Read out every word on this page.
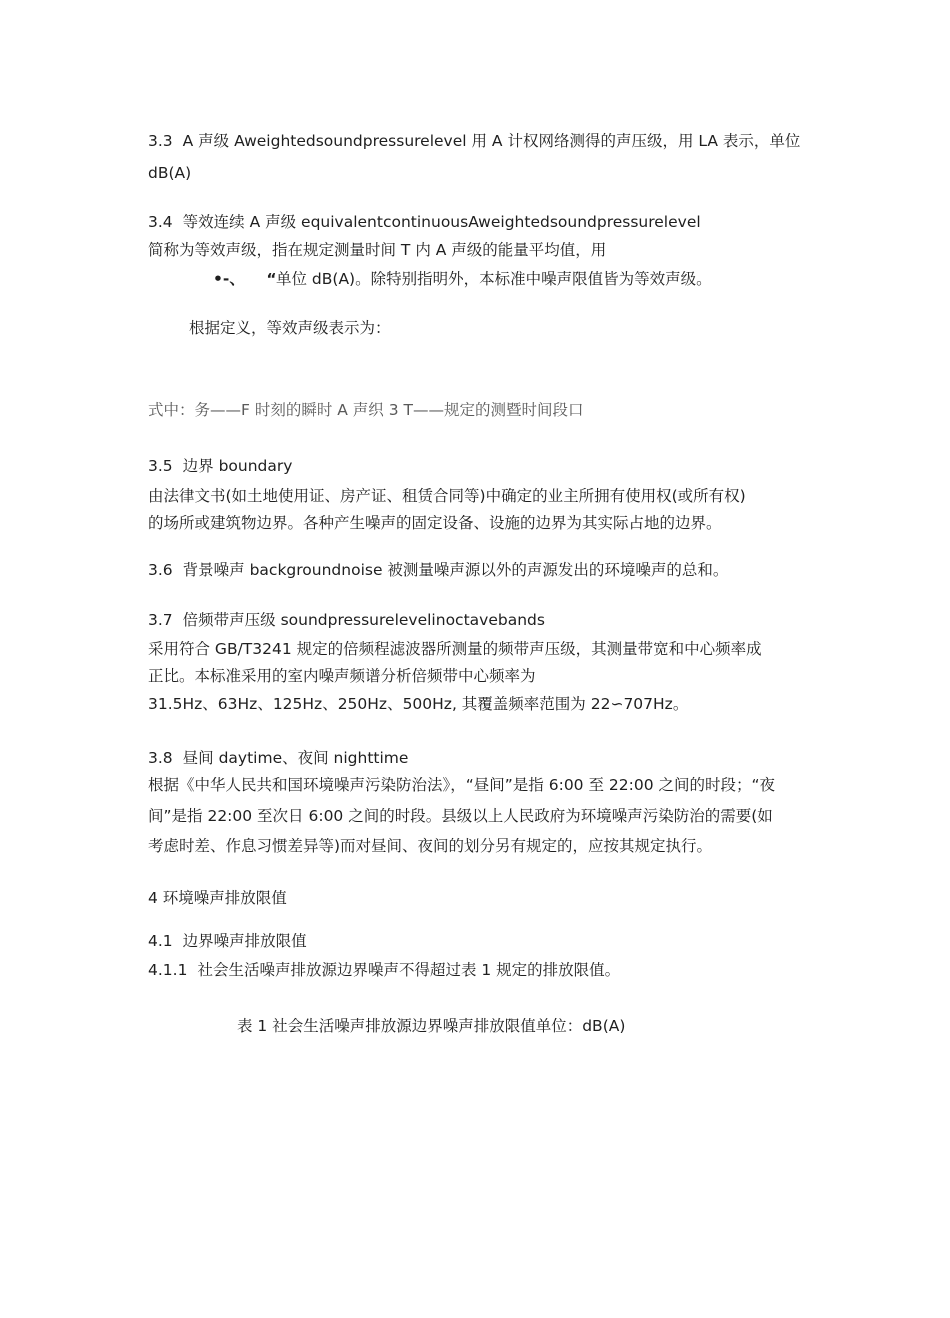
3.3 A 声级 Aweightedsoundpressurelevel 用 A 计权网络测得的声压级，用 LA 表示，单位
dB(A)
3.4 等效连续 A 声级 equivalentcontinuousAweightedsoundpressurelevel
简称为等效声级，指在规定测量时间 T 内 A 声级的能量平均值，用
•-、    “单位 dB(A)。除特别指明外，本标准中噪声限值皆为等效声级。
根据定义，等效声级表示为：
式中：务——F 时刻的瞬时 A 声织 3 T——规定的测暨时间段口
3.5 边界 boundary
由法律文书(如土地使用证、房产证、租赁合同等)中确定的业主所拥有使用权(或所有权)
的场所或建筑物边界。各种产生噪声的固定设备、设施的边界为其实际占地的边界。
3.6 背景噪声 backgroundnoise 被测量噪声源以外的声源发出的环境噪声的总和。
3.7 倍频带声压级 soundpressurelevelinoctavebands
采用符合 GB/T3241 规定的倍频程滤波器所测量的频带声压级，其测量带宽和中心频率成
正比。本标准采用的室内噪声频谱分析倍频带中心频率为
31.5Hz、63Hz、125Hz、250Hz、500Hz, 其覆盖频率范围为 22∽707Hz。
3.8 昼间 daytime、夜间 nighttime
根据《中华人民共和国环境噪声污染防治法》，“昼间”是指 6:00 至 22:00 之间的时段；“夜
间”是指 22:00 至次日 6:00 之间的时段。县级以上人民政府为环境噪声污染防治的需要(如
考虑时差、作息习惯差异等)而对昼间、夜间的划分另有规定的，应按其规定执行。
4 环境噪声排放限值
4.1 边界噪声排放限值
4.1.1 社会生活噪声排放源边界噪声不得超过表 1 规定的排放限值。
表 1 社会生活噪声排放源边界噪声排放限值单位：dB(A)
